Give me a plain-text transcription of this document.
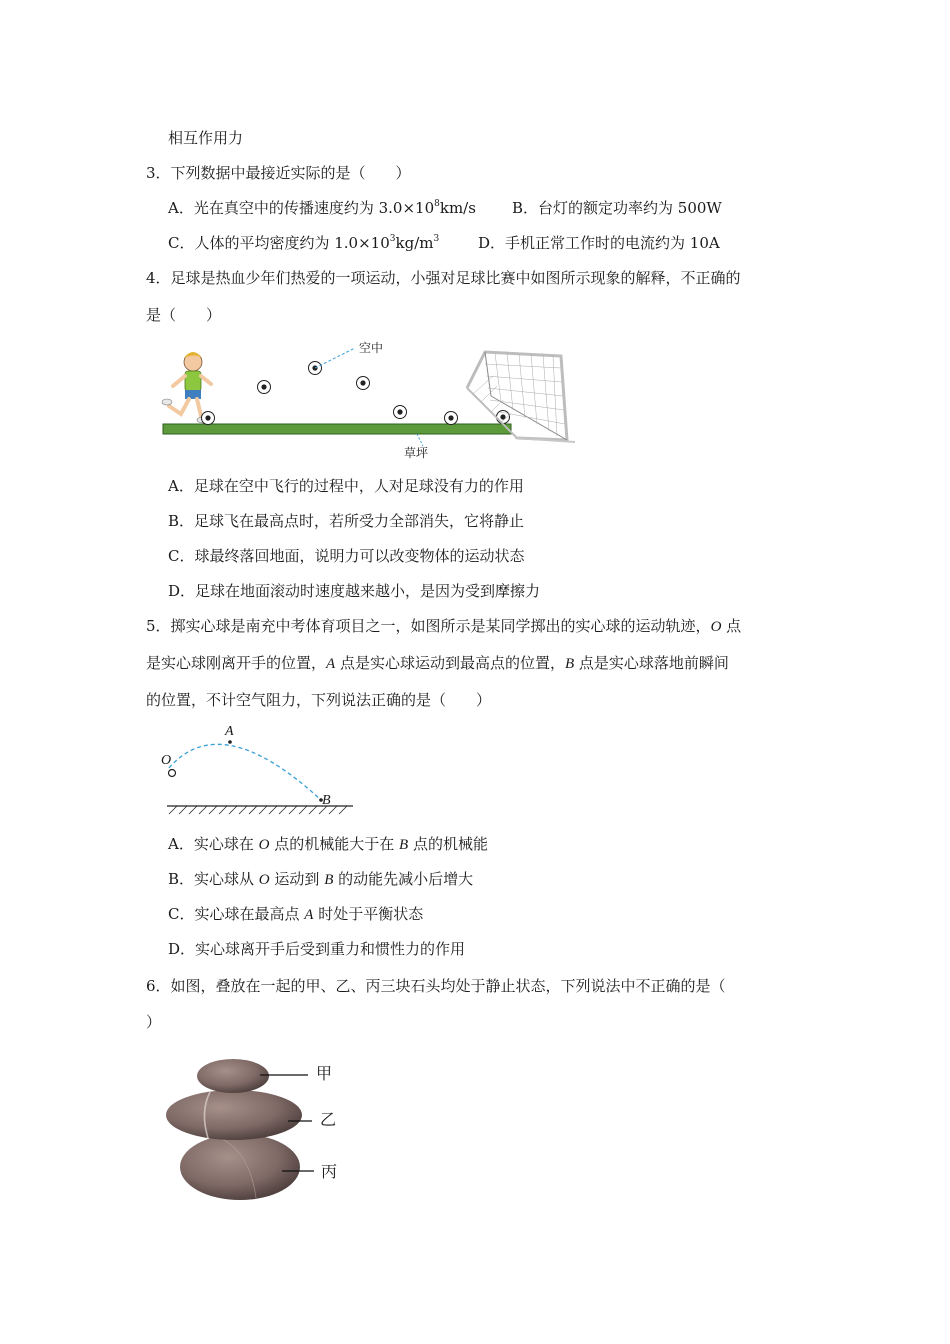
相互作用力
3．下列数据中最接近实际的是（　　）
A．光在真空中的传播速度约为 $3.0\times 10^8km/s$ B．台灯的额定功率约为 500W
C．人体的平均密度约为 $1.0\times 10^3kg/m^3$	D．手机正常工作时的电流约为 10A
4．足球是热血少年们热爱的一项运动，小强对足球比赛中如图所示现象的解释，不正确的
是（　　）
空中
草坪
A．足球在空中飞行的过程中，人对足球没有力的作用
B．足球飞在最高点时，若所受力全部消失，它将静止
C．球最终落回地面，说明力可以改变物体的运动状态
D．足球在地面滚动时速度越来越小，是因为受到摩擦力
5．掷实心球是南充中考体育项目之一，如图所示是某同学掷出的实心球的运动轨迹，O 点
是实心球刚离开手的位置，A 点是实心球运动到最高点的位置，B 点是实心球落地前瞬间
的位置，不计空气阻力，下列说法正确的是（　　）
O
A
B
A．实心球在 O 点的机械能大于在 B 点的机械能
B．实心球从 O 运动到 B 的动能先减小后增大
C．实心球在最高点 A 时处于平衡状态
D．实心球离开手后受到重力和惯性力的作用
6．如图，叠放在一起的甲、乙、丙三块石头均处于静止状态，下列说法中不正确的是（
）
甲
乙
丙
